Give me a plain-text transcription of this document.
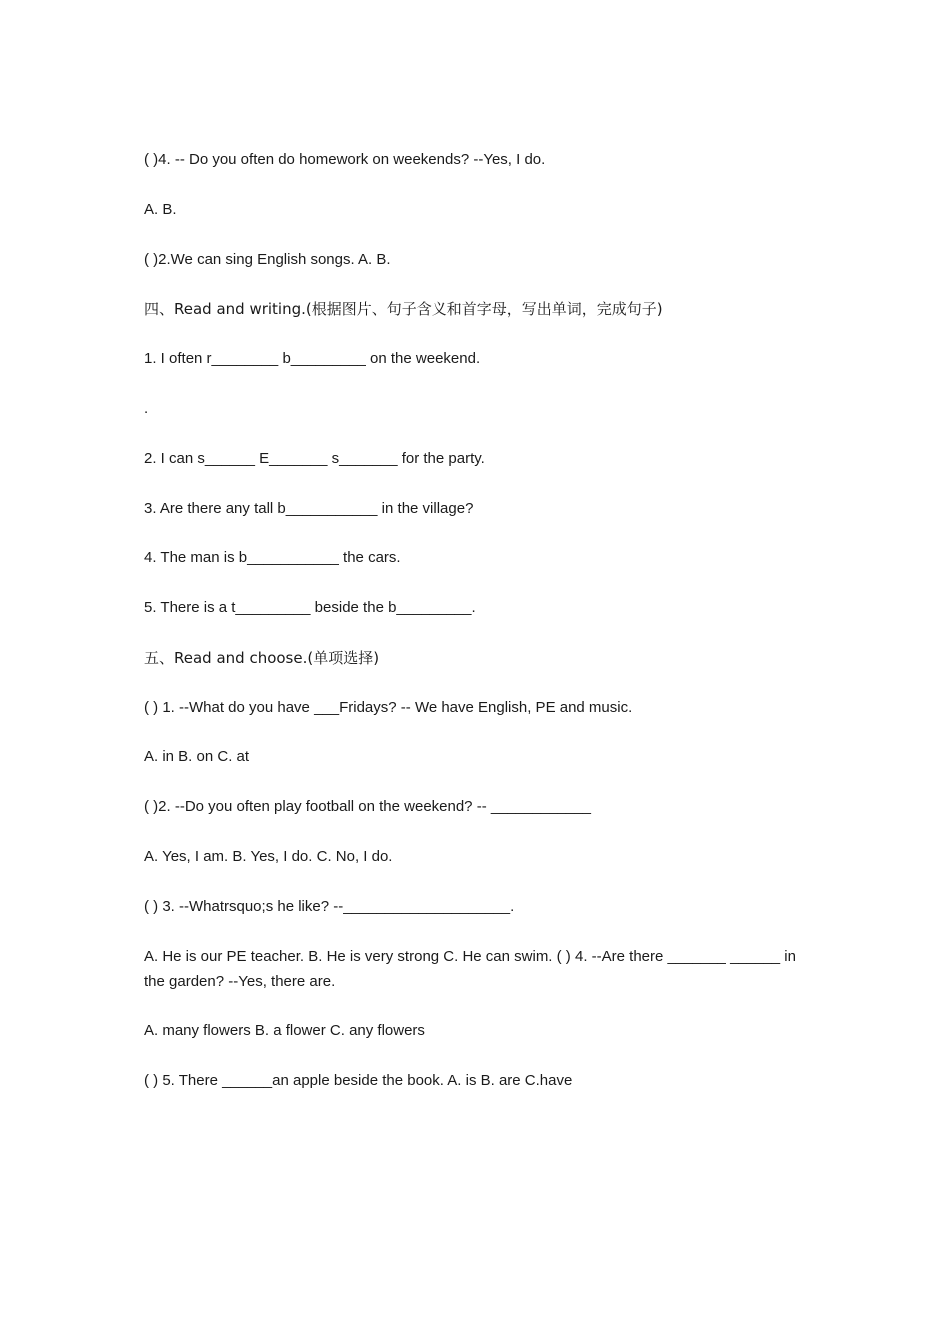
( )4. -- Do you often do homework on weekends? --Yes, I do.
A. B.
( )2.We can sing English songs. A. B.
四、Read and writing.(根据图片、句子含义和首字母，写出单词，完成句子)
1. I often r________ b_________ on the weekend.
.
2. I can s______ E_______ s_______ for the party.
3. Are there any tall b___________ in the village?
4. The man is b___________ the cars.
5. There is a t_________ beside the b_________.
五、Read and choose.(单项选择)
( ) 1. --What do you have ___Fridays? -- We have English, PE and music.
A. in B. on C. at
( )2. --Do you often play football on the weekend? -- ____________
A. Yes, I am. B. Yes, I do. C. No, I do.
( ) 3. --Whatrsquo;s he like? --____________________.
A. He is our PE teacher. B. He is very strong C. He can swim. ( ) 4. --Are there _______ ______ in the garden? --Yes, there are.
A. many flowers B. a flower C. any flowers
( ) 5. There ______an apple beside the book. A. is B. are C.have
